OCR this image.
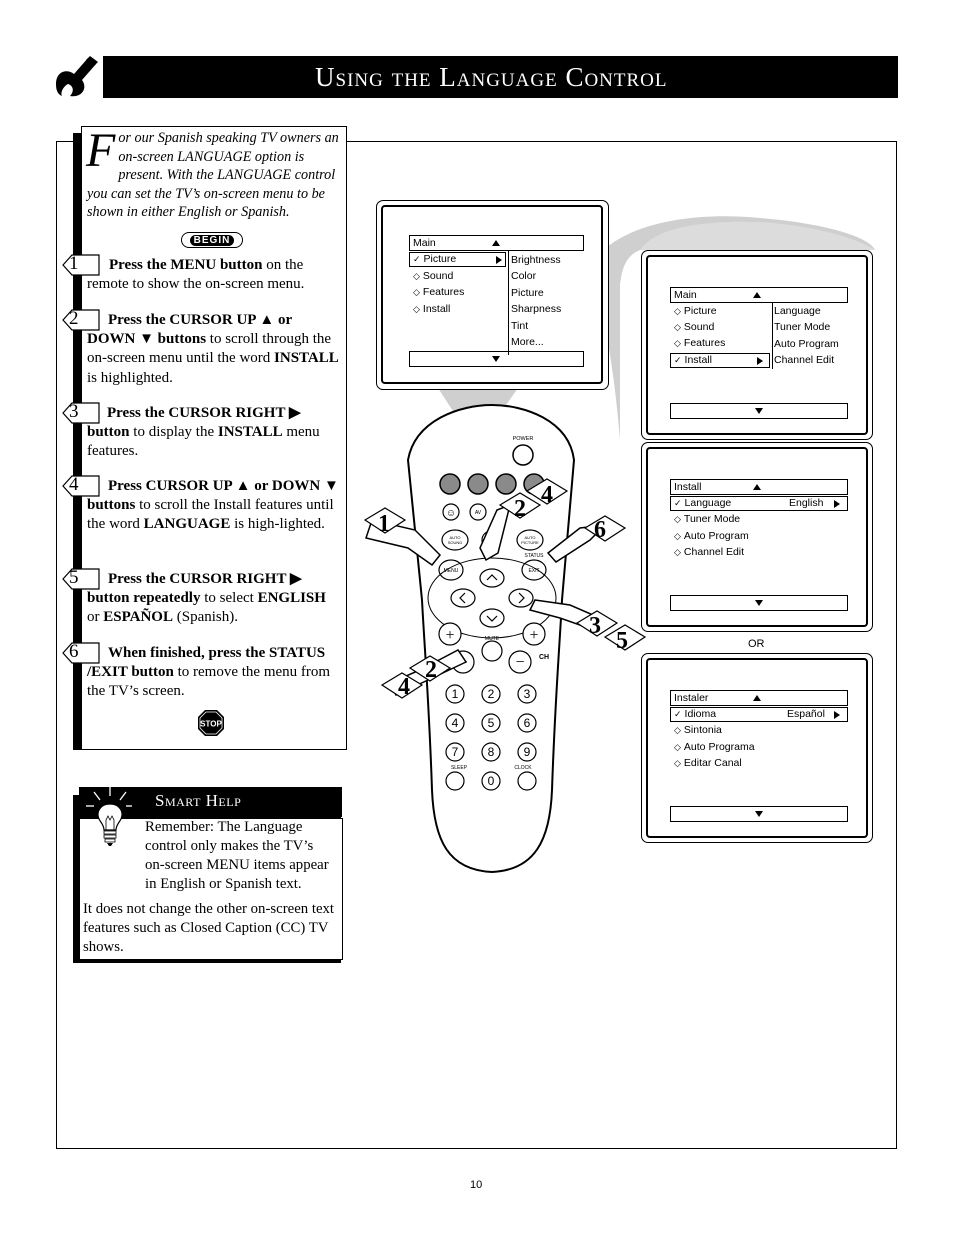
Using the Language Control
For our Spanish speaking TV owners an on-screen LANGUAGE option is present. With the LANGUAGE control you can set the TV’s on-screen menu to be shown in either English or Spanish.
BEGIN
1 Press the MENU button on the remote to show the on-screen menu.
2 Press the CURSOR UP ▲ or DOWN ▼ buttons to scroll through the on-screen menu until the word INSTALL is highlighted.
3 Press the CURSOR RIGHT ▶ button to display the INSTALL menu features.
4 Press CURSOR UP ▲ or DOWN ▼ buttons to scroll the Install features until the word LANGUAGE is high-lighted.
5 Press the CURSOR RIGHT ▶ button repeatedly to select ENGLISH or ESPAÑOL (Spanish).
6 When finished, press the STATUS /EXIT button to remove the menu from the TV’s screen.
STOP
Smart Help

Remember: The Language control only makes the TV’s on-screen MENU items appear in English or Spanish text.

It does not change the other on-screen text features such as Closed Caption (CC) TV shows.

POWER
☺	AV
AUTO
SOUND
AUTO
PICTURE
STATUS
MENU	EXIT
+	+
MUTE
− CH
1 2 3
4 5 6
7 8 9
0
SLEEP	CLOCK
1
2
4
6
3
5
4
2
Main
✓ Picture
◇ Sound
◇ Features
◇ Install
Brightness
Color
Picture
Sharpness
Tint
More...
Main
◇ Picture
◇ Sound
◇ Features
✓ Install
Language
Tuner Mode
Auto Program
Channel Edit
Install
✓ Language	English
◇ Tuner Mode
◇ Auto Program
◇ Channel Edit
OR
Instaler
✓ Idioma	Español
◇ Sintonia
◇ Auto Programa
◇ Editar Canal
10
